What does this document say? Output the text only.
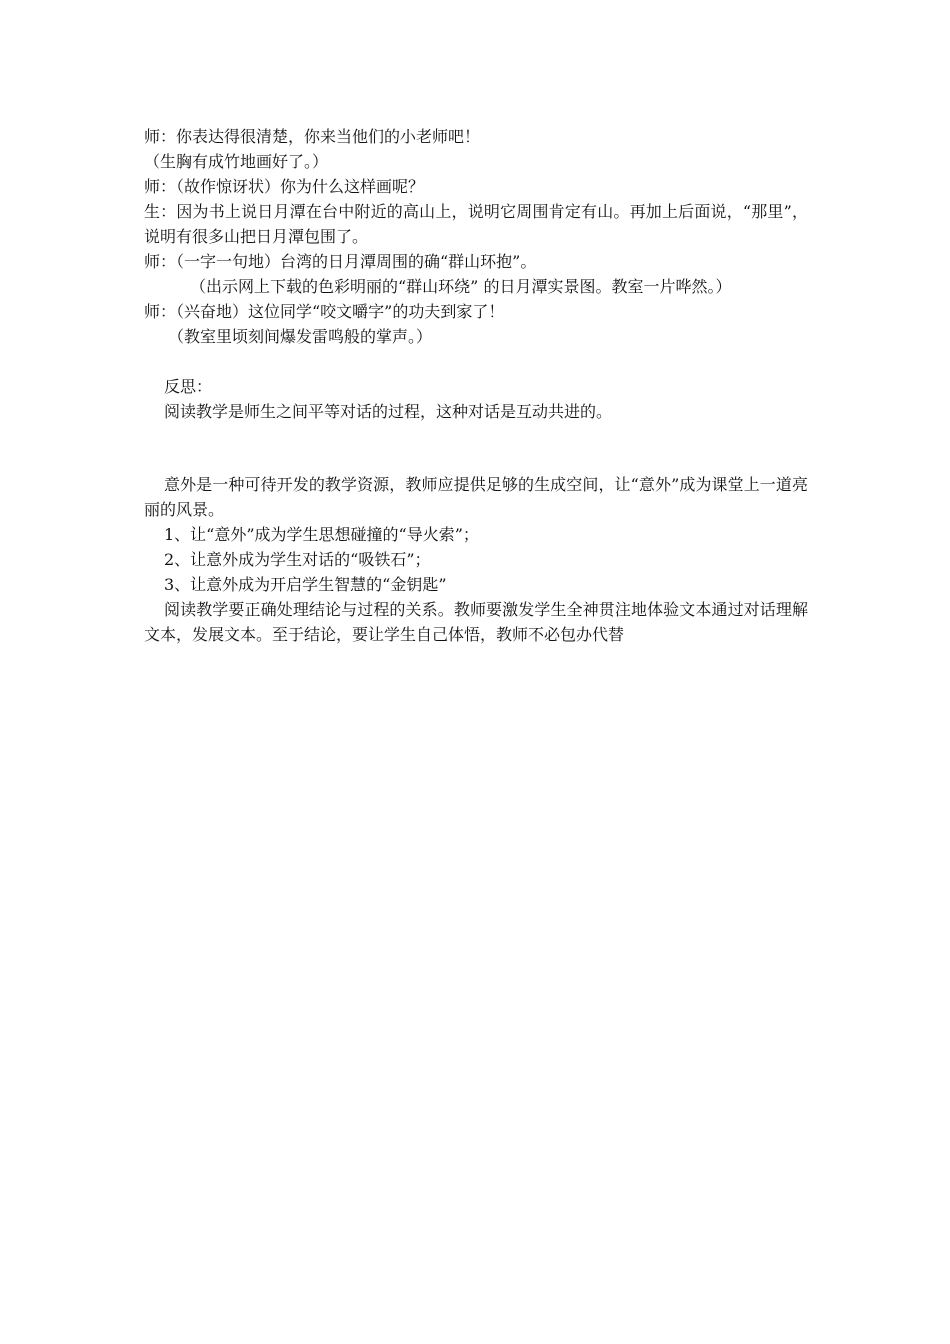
师：你表达得很清楚，你来当他们的小老师吧！

（生胸有成竹地画好了。）

师：（故作惊讶状）你为什么这样画呢？

生：因为书上说日月潭在台中附近的高山上，说明它周围肯定有山。再加上后面说，“那里”，说明有很多山把日月潭包围了。

师：（一字一句地）台湾的日月潭周围的确“群山环抱”。

（出示网上下载的色彩明丽的“群山环绕” 的日月潭实景图。教室一片哗然。）

师：（兴奋地）这位同学“咬文嚼字”的功夫到家了！

（教室里顷刻间爆发雷鸣般的掌声。）

反思：

阅读教学是师生之间平等对话的过程，这种对话是互动共进的。

意外是一种可待开发的教学资源，教师应提供足够的生成空间，让“意外”成为课堂上一道亮丽的风景。

1、让“意外”成为学生思想碰撞的“导火索”；

2、让意外成为学生对话的“吸铁石”；

3、让意外成为开启学生智慧的“金钥匙”

阅读教学要正确处理结论与过程的关系。教师要激发学生全神贯注地体验文本通过对话理解文本，发展文本。至于结论，要让学生自己体悟，教师不必包办代替
